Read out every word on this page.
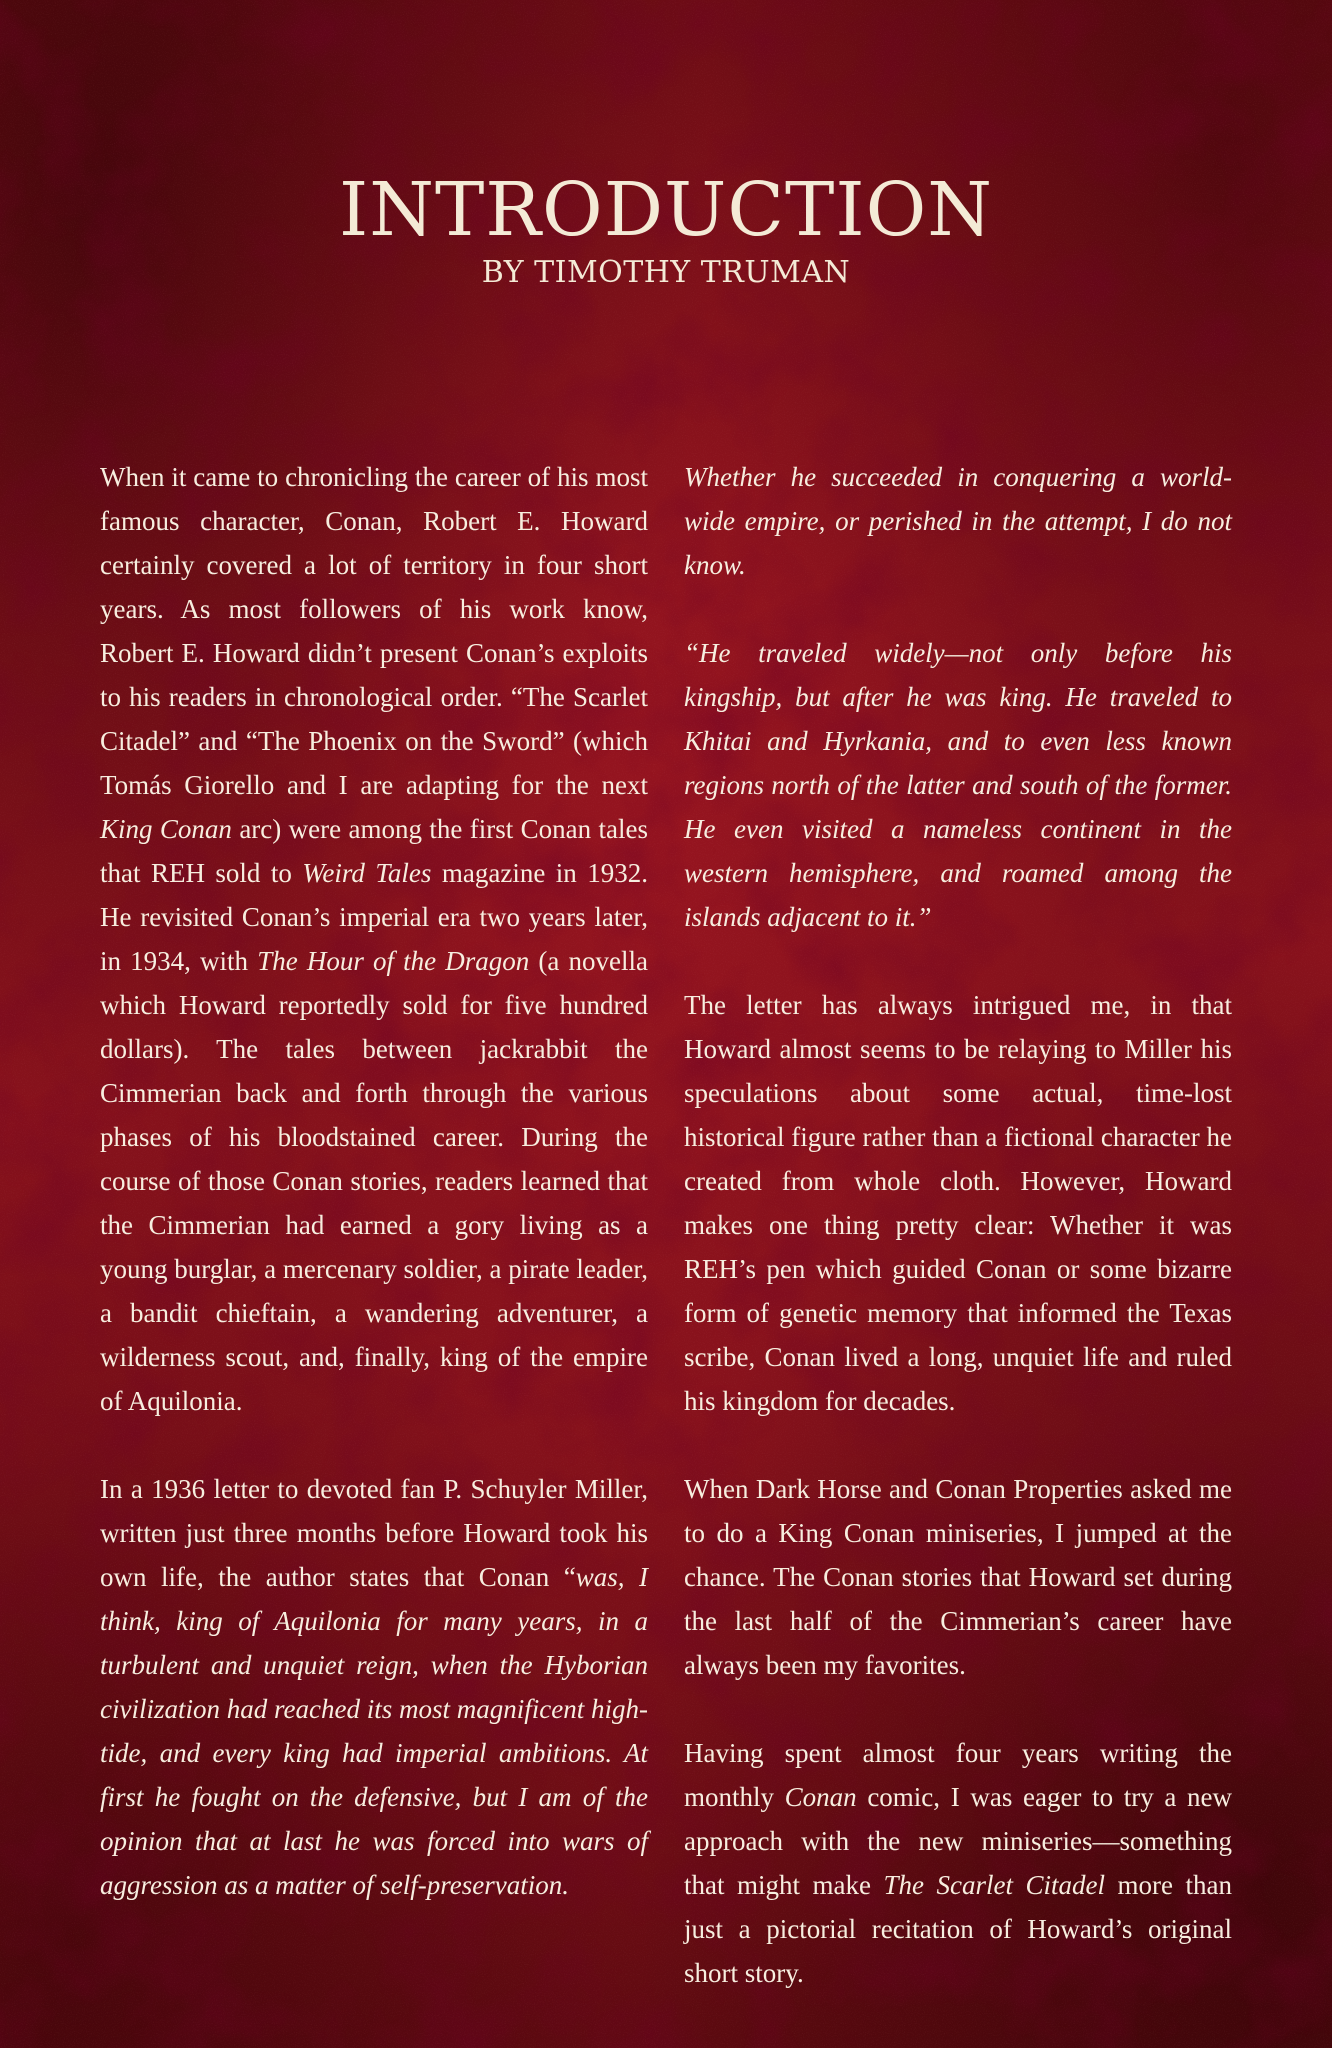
INTRODUCTION
BY TIMOTHY TRUMAN

When it came to chronicling the career of his most famous character, Conan, Robert E. Howard certainly covered a lot of territory in four short years. As most followers of his work know, Robert E. Howard didn’t present Conan’s exploits to his readers in chronological order. “The Scarlet Citadel” and “The Phoenix on the Sword” (which Tomás Giorello and I are adapting for the next King Conan arc) were among the first Conan tales that REH sold to Weird Tales magazine in 1932. He revisited Conan’s imperial era two years later, in 1934, with The Hour of the Dragon (a novella which Howard reportedly sold for five hundred dollars). The tales between jackrabbit the Cimmerian back and forth through the various phases of his bloodstained career. During the course of those Conan stories, readers learned that the Cimmerian had earned a gory living as a young burglar, a mercenary soldier, a pirate leader, a bandit chieftain, a wandering adventurer, a wilderness scout, and, finally, king of the empire of Aquilonia.

In a 1936 letter to devoted fan P. Schuyler Miller, written just three months before Howard took his own life, the author states that Conan “was, I think, king of Aquilonia for many years, in a turbulent and unquiet reign, when the Hyborian civilization had reached its most magnificent high-tide, and every king had imperial ambitions. At first he fought on the defensive, but I am of the opinion that at last he was forced into wars of aggression as a matter of self-preservation.

Whether he succeeded in conquering a world-wide empire, or perished in the attempt, I do not know.

“He traveled widely—not only before his kingship, but after he was king. He traveled to Khitai and Hyrkania, and to even less known regions north of the latter and south of the former. He even visited a nameless continent in the western hemisphere, and roamed among the islands adjacent to it.”

The letter has always intrigued me, in that Howard almost seems to be relaying to Miller his speculations about some actual, time-lost historical figure rather than a fictional character he created from whole cloth. However, Howard makes one thing pretty clear: Whether it was REH’s pen which guided Conan or some bizarre form of genetic memory that informed the Texas scribe, Conan lived a long, unquiet life and ruled his kingdom for decades.

When Dark Horse and Conan Properties asked me to do a King Conan miniseries, I jumped at the chance. The Conan stories that Howard set during the last half of the Cimmerian’s career have always been my favorites.

Having spent almost four years writing the monthly Conan comic, I was eager to try a new approach with the new miniseries—something that might make The Scarlet Citadel more than just a pictorial recitation of Howard’s original short story.
